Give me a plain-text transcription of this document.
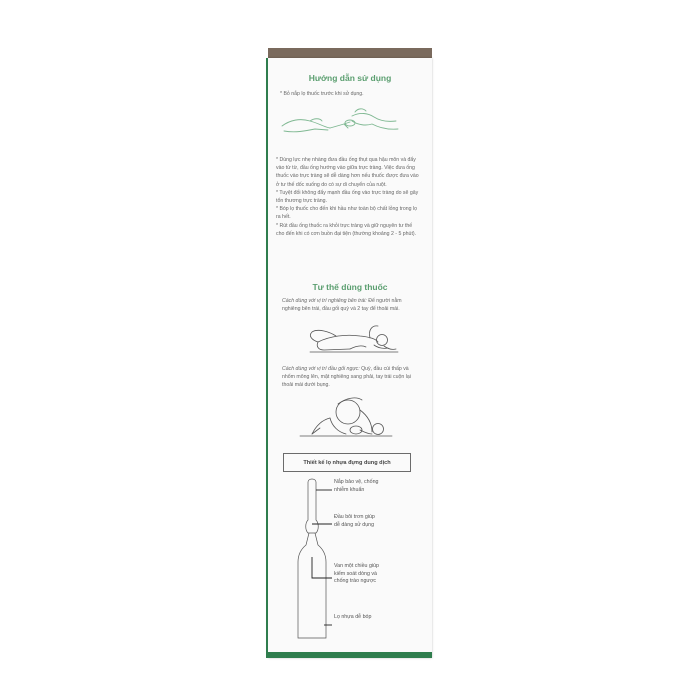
Hướng dẫn sử dụng
* Bỏ nắp lọ thuốc trước khi sử dụng.
* Dùng lực nhẹ nhàng đưa đầu ống thụt qua hậu môn và đẩy vào từ từ, đầu ống hướng vào giữa trực tràng. Việc đưa ống thuốc vào trực tràng sẽ dễ dàng hơn nếu thuốc được đưa vào ở tư thế dốc xuống do có sự di chuyển của ruột.
* Tuyệt đối không đẩy mạnh đầu ống vào trực tràng do sẽ gây tổn thương trực tràng.
* Bóp lọ thuốc cho đến khi hầu như toàn bộ chất lỏng trong lọ ra hết.
* Rút đầu ống thuốc ra khỏi trực tràng và giữ nguyên tư thế cho đến khi có cơn buồn đại tiện (thường khoảng 2 - 5 phút).
Tư thế dùng thuốc
Cách dùng với vị trí nghiêng bên trái: Để người nằm nghiêng bên trái, đầu gối quỳ và 2 tay để thoải mái.
Cách dùng với vị trí đầu gối ngực: Quỳ, đầu cúi thấp và nhổm mông lên, mặt nghiêng sang phải, tay trái cuộn lại thoải mái dưới bụng.
Thiết kế lọ nhựa đựng dung dịch
Nắp bảo vệ, chống nhiễm khuẩn
Đầu bôi trơn giúp dễ dàng sử dụng
Van một chiều giúp kiểm soát dòng và chống trào ngược
Lọ nhựa dễ bóp
